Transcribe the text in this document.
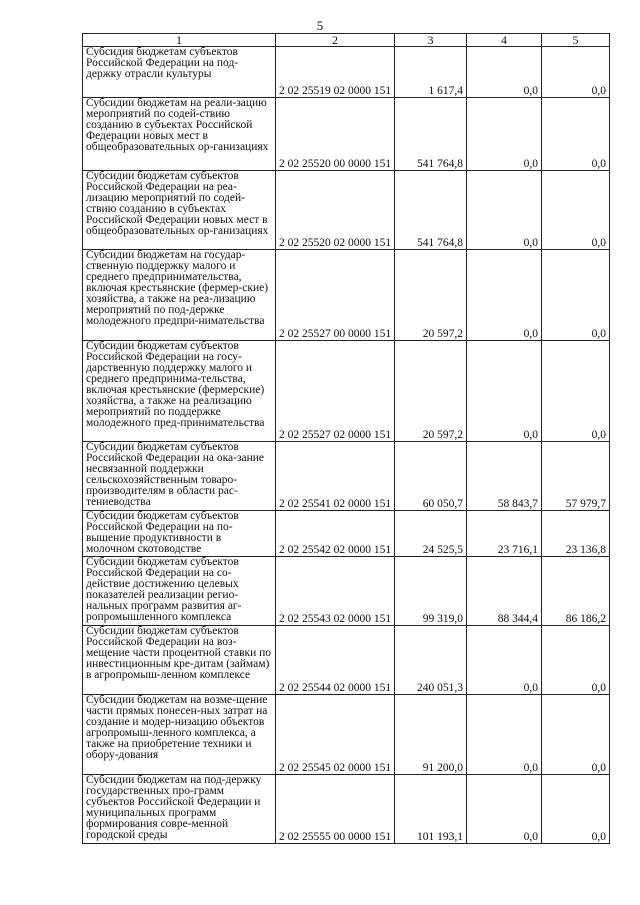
5
1	2	3	4	5
Субсидия бюджетам субъектов Российской Федерации на под-держку отрасли культуры	2 02 25519 02 0000 151	1 617,4	0,0	0,0
Субсидии бюджетам на реали-зацию мероприятий по содей-ствию созданию в субъектах Российской Федерации новых мест в общеобразовательных ор-ганизациях	2 02 25520 00 0000 151	541 764,8	0,0	0,0
Субсидии бюджетам субъектов Российской Федерации на реа-лизацию мероприятий по содей-ствию созданию в субъектах Российской Федерации новых мест в общеобразовательных ор-ганизациях	2 02 25520 02 0000 151	541 764,8	0,0	0,0
Субсидии бюджетам на государ-ственную поддержку малого и среднего предпринимательства, включая крестьянские (фермер-ские) хозяйства, а также на реа-лизацию мероприятий по под-держке молодежного предпри-нимательства	2 02 25527 00 0000 151	20 597,2	0,0	0,0
Субсидии бюджетам субъектов Российской Федерации на госу-дарственную поддержку малого и среднего предпринима-тельства, включая крестьянские (фермерские) хозяйства, а также на реализацию мероприятий по поддержке молодежного пред-принимательства	2 02 25527 02 0000 151	20 597,2	0,0	0,0
Субсидии бюджетам субъектов Российской Федерации на ока-зание несвязанной поддержки сельскохозяйственным товаро-производителям в области рас-тениеводства	2 02 25541 02 0000 151	60 050,7	58 843,7	57 979,7
Субсидии бюджетам субъектов Российской Федерации на по-вышение продуктивности в молочном скотоводстве	2 02 25542 02 0000 151	24 525,5	23 716,1	23 136,8
Субсидии бюджетам субъектов Российской Федерации на со-действие достижению целевых показателей реализации регио-нальных программ развития аг-ропромышленного комплекса	2 02 25543 02 0000 151	99 319,0	88 344,4	86 186,2
Субсидии бюджетам субъектов Российской Федерации на воз-мещение части процентной ставки по инвестиционным кре-дитам (займам) в агропромыш-ленном комплексе	2 02 25544 02 0000 151	240 051,3	0,0	0,0
Субсидии бюджетам на возме-щение части прямых понесен-ных затрат на создание и модер-низацию объектов агропромыш-ленного комплекса, а также на приобретение техники и обору-дования	2 02 25545 02 0000 151	91 200,0	0,0	0,0
Субсидии бюджетам на под-держку государственных про-грамм субъектов Российской Федерации и муниципальных программ формирования совре-менной городской среды	2 02 25555 00 0000 151	101 193,1	0,0	0,0
